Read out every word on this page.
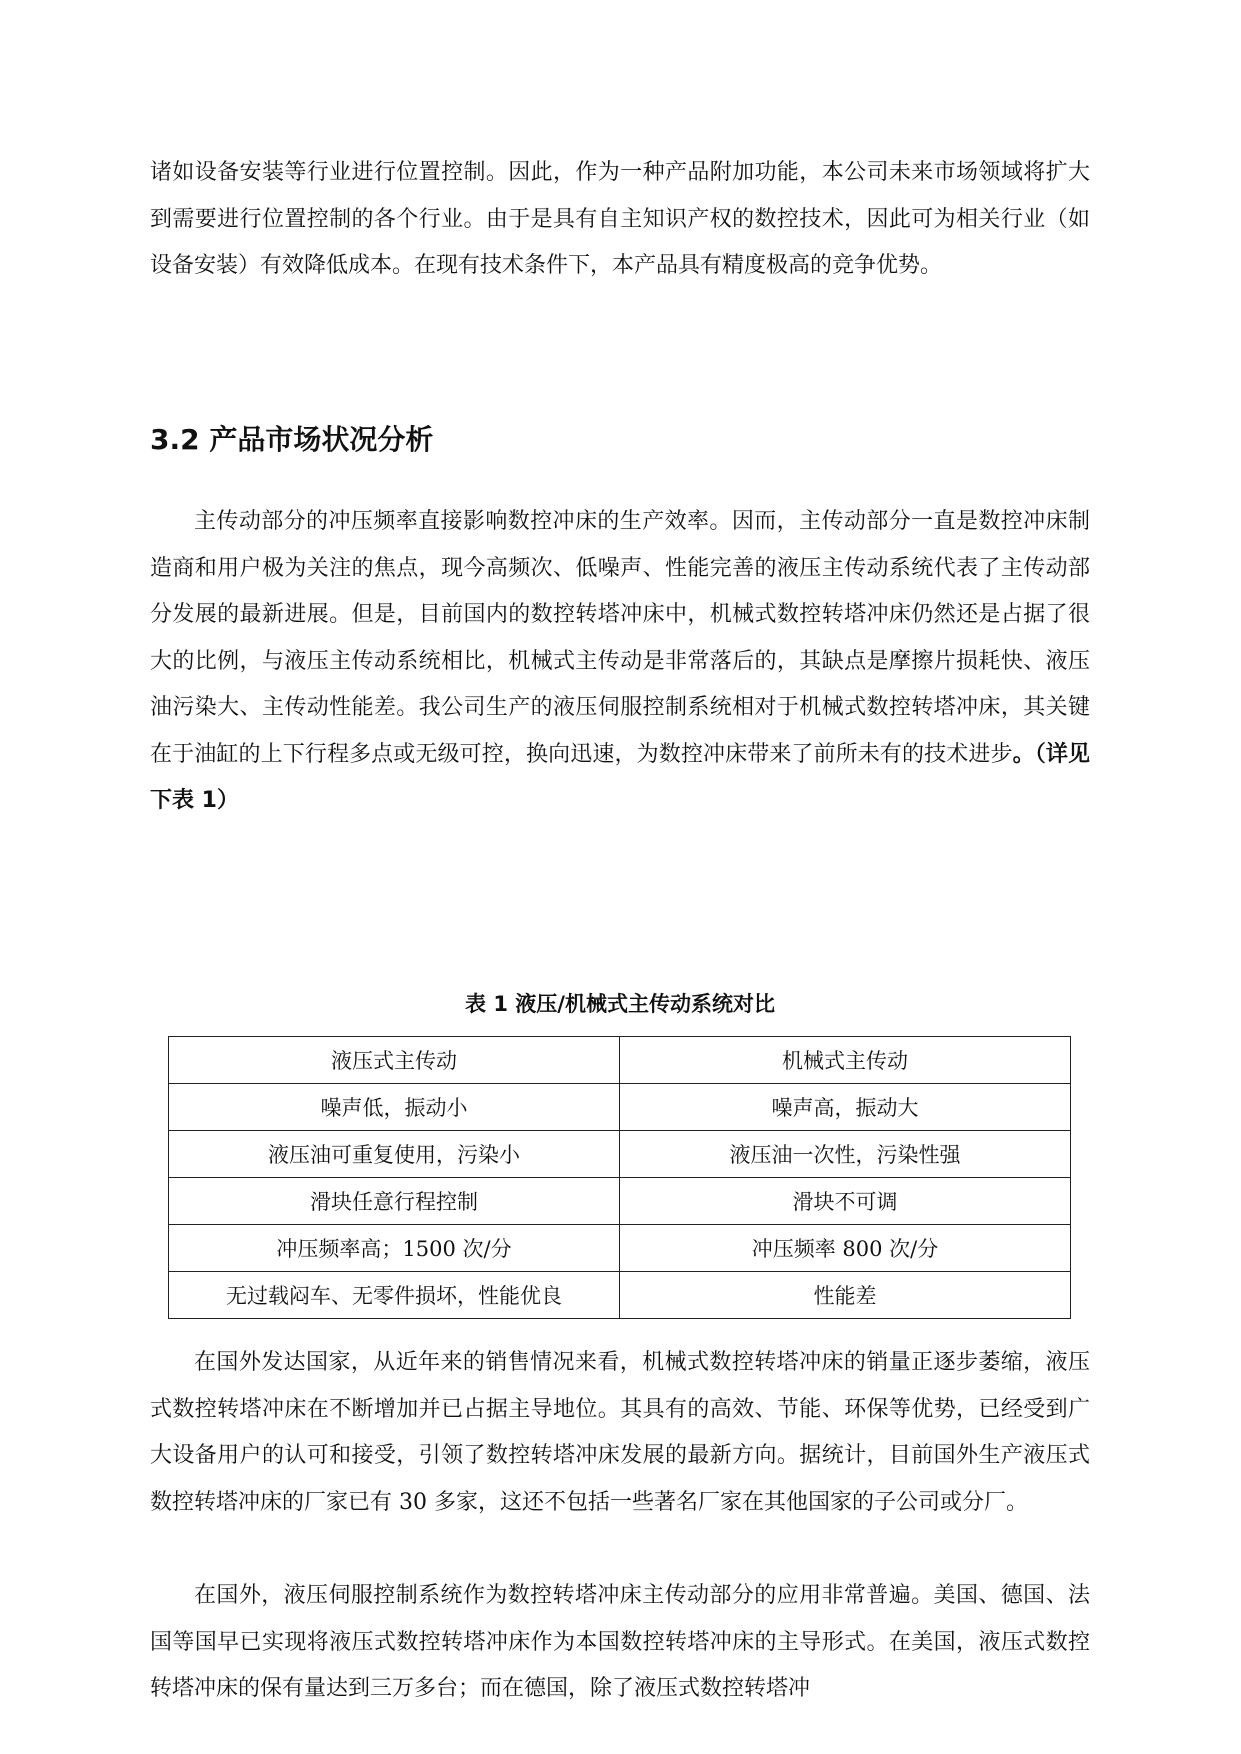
诸如设备安装等行业进行位置控制。因此，作为一种产品附加功能，本公司未来市场领域将扩大到需要进行位置控制的各个行业。由于是具有自主知识产权的数控技术，因此可为相关行业（如设备安装）有效降低成本。在现有技术条件下，本产品具有精度极高的竞争优势。

3.2 产品市场状况分析

主传动部分的冲压频率直接影响数控冲床的生产效率。因而，主传动部分一直是数控冲床制造商和用户极为关注的焦点，现今高频次、低噪声、性能完善的液压主传动系统代表了主传动部分发展的最新进展。但是，目前国内的数控转塔冲床中，机械式数控转塔冲床仍然还是占据了很大的比例，与液压主传动系统相比，机械式主传动是非常落后的，其缺点是摩擦片损耗快、液压油污染大、主传动性能差。我公司生产的液压伺服控制系统相对于机械式数控转塔冲床，其关键在于油缸的上下行程多点或无级可控，换向迅速，为数控冲床带来了前所未有的技术进步。（详见下表 1）

表 1 液压/机械式主传动系统对比

液压式主传动	机械式主传动
噪声低，振动小	噪声高，振动大
液压油可重复使用，污染小	液压油一次性，污染性强
滑块任意行程控制	滑块不可调
冲压频率高；1500 次/分	冲压频率 800 次/分
无过载闷车、无零件损坏，性能优良	性能差

在国外发达国家，从近年来的销售情况来看，机械式数控转塔冲床的销量正逐步萎缩，液压式数控转塔冲床在不断增加并已占据主导地位。其具有的高效、节能、环保等优势，已经受到广大设备用户的认可和接受，引领了数控转塔冲床发展的最新方向。据统计，目前国外生产液压式数控转塔冲床的厂家已有 30 多家，这还不包括一些著名厂家在其他国家的子公司或分厂。

在国外，液压伺服控制系统作为数控转塔冲床主传动部分的应用非常普遍。美国、德国、法国等国早已实现将液压式数控转塔冲床作为本国数控转塔冲床的主导形式。在美国，液压式数控转塔冲床的保有量达到三万多台；而在德国，除了液压式数控转塔冲
